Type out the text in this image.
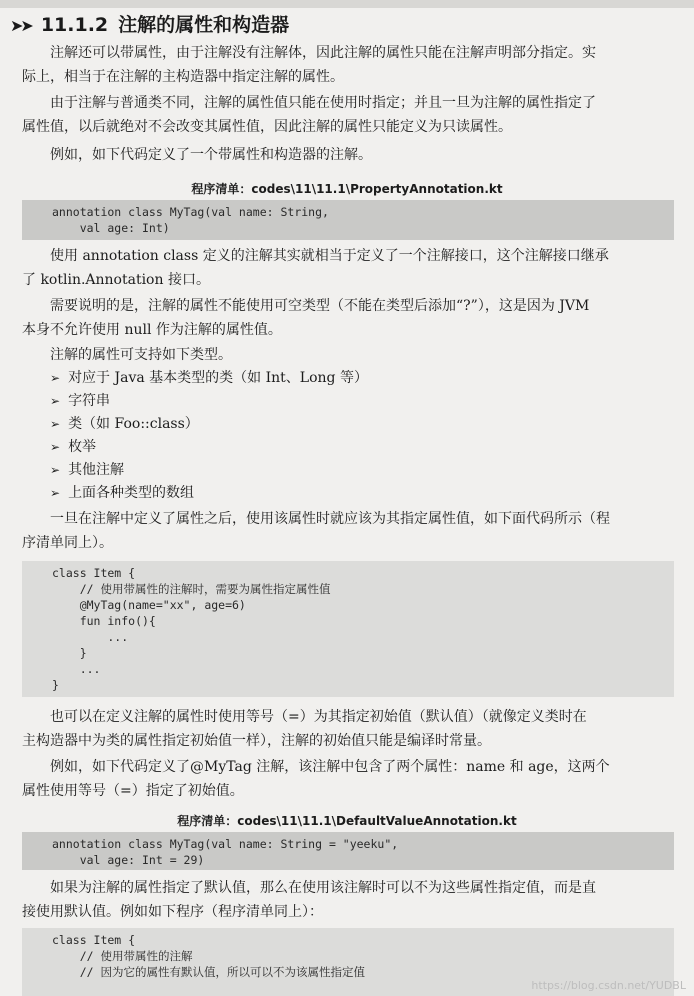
➤➤ 11.1.2 注解的属性和构造器

注解还可以带属性，由于注解没有注解体，因此注解的属性只能在注解声明部分指定。实

际上，相当于在注解的主构造器中指定注解的属性。

由于注解与普通类不同，注解的属性值只能在使用时指定；并且一旦为注解的属性指定了

属性值，以后就绝对不会改变其属性值，因此注解的属性只能定义为只读属性。

例如，如下代码定义了一个带属性和构造器的注解。

程序清单：codes\11\11.1\PropertyAnnotation.kt
annotation class MyTag(val name: String,
val age: Int)

使用 annotation class 定义的注解其实就相当于定义了一个注解接口，这个注解接口继承

了 kotlin.Annotation 接口。

需要说明的是，注解的属性不能使用可空类型（不能在类型后添加“?”），这是因为 JVM

本身不允许使用 null 作为注解的属性值。

注解的属性可支持如下类型。

➢ 对应于 Java 基本类型的类（如 Int、Long 等）
➢ 字符串
➢ 类（如 Foo::class）
➢ 枚举
➢ 其他注解
➢ 上面各种类型的数组

一旦在注解中定义了属性之后，使用该属性时就应该为其指定属性值，如下面代码所示（程

序清单同上）。

class Item {
// 使用带属性的注解时，需要为属性指定属性值
@MyTag(name="xx", age=6)
fun info(){
...
}
...
}

也可以在定义注解的属性时使用等号（=）为其指定初始值（默认值）（就像定义类时在

主构造器中为类的属性指定初始值一样），注解的初始值只能是编译时常量。

例如，如下代码定义了@MyTag 注解，该注解中包含了两个属性：name 和 age，这两个

属性使用等号（=）指定了初始值。

程序清单：codes\11\11.1\DefaultValueAnnotation.kt
annotation class MyTag(val name: String = "yeeku",
val age: Int = 29)

如果为注解的属性指定了默认值，那么在使用该注解时可以不为这些属性指定值，而是直

接使用默认值。例如如下程序（程序清单同上）：

class Item {
// 使用带属性的注解
// 因为它的属性有默认值，所以可以不为该属性指定值
https://blog.csdn.net/YUDBL
